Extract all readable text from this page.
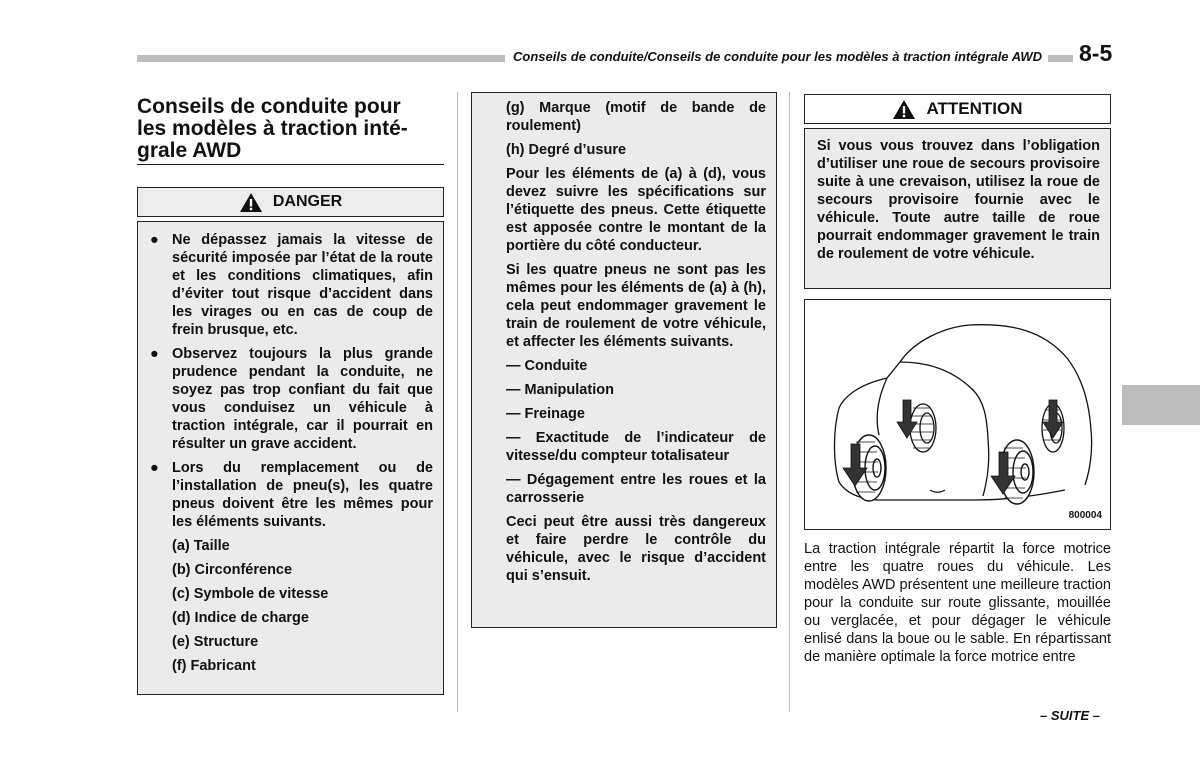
Conseils de conduite/Conseils de conduite pour les modèles à traction intégrale AWD 8-5
Conseils de conduite pour
les modèles à traction inté-
grale AWD
DANGER
● Ne dépassez jamais la vitesse de sécurité imposée par l’état de la route et les conditions climatiques, afin d’éviter tout risque d’accident dans les virages ou en cas de coup de frein brusque, etc.
● Observez toujours la plus grande prudence pendant la conduite, ne soyez pas trop confiant du fait que vous conduisez un véhicule à traction intégrale, car il pourrait en résulter un grave accident.
● Lors du remplacement ou de l’installation de pneu(s), les quatre pneus doivent être les mêmes pour les éléments suivants.
(a) Taille
(b) Circonférence
(c) Symbole de vitesse
(d) Indice de charge
(e) Structure
(f) Fabricant

(g) Marque (motif de bande de roulement)

(h) Degré d’usure

Pour les éléments de (a) à (d), vous devez suivre les spécifications sur l’étiquette des pneus. Cette étiquette est apposée contre le montant de la portière du côté conducteur.

Si les quatre pneus ne sont pas les mêmes pour les éléments de (a) à (h), cela peut endommager gravement le train de roulement de votre véhicule, et affecter les éléments suivants.

— Conduite

— Manipulation

— Freinage

— Exactitude de l’indicateur de vitesse/du compteur totalisateur

— Dégagement entre les roues et la carrosserie

Ceci peut être aussi très dangereux et faire perdre le contrôle du véhicule, avec le risque d’accident qui s’ensuit.

ATTENTION

Si vous vous trouvez dans l’obligation d’utiliser une roue de secours provisoire suite à une crevaison, utilisez la roue de secours provisoire fournie avec le véhicule. Toute autre taille de roue pourrait endommager gravement le train de roulement de votre véhicule.

800004
La traction intégrale répartit la force motrice entre les quatre roues du véhicule. Les modèles AWD présentent une meilleure traction pour la conduite sur route glissante, mouillée ou verglacée, et pour dégager le véhicule enlisé dans la boue ou le sable. En répartissant de manière optimale la force motrice entre
– SUITE –
